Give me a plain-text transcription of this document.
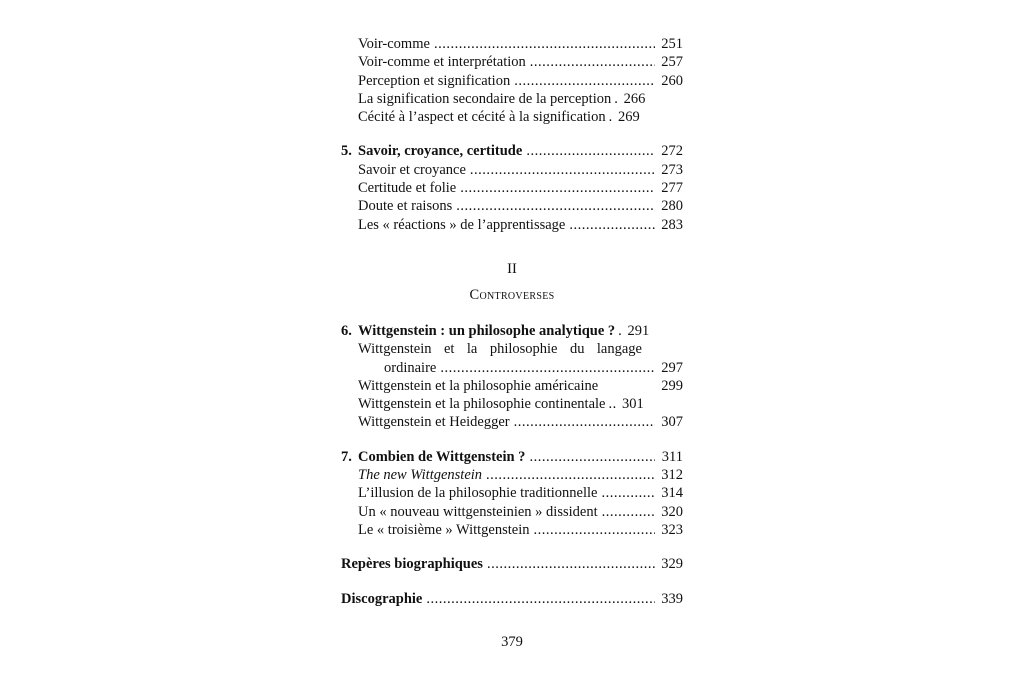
Voir-comme .....	251
Voir-comme et interprétation .....	257
Perception et signification .....	260
La signification secondaire de la perception . 266
Cécité à l’aspect et cécité à la signification . 269
5. Savoir, croyance, certitude .....	272
Savoir et croyance .....	273
Certitude et folie .....	277
Doute et raisons .....	280
Les « réactions » de l’apprentissage .....	283
II
Controverses
6. Wittgenstein : un philosophe analytique ? . 291
Wittgenstein et la philosophie du langage
ordinaire .....	297
Wittgenstein et la philosophie américaine	299
Wittgenstein et la philosophie continentale .. 301
Wittgenstein et Heidegger .....	307
7. Combien de Wittgenstein ? .....	311
The new Wittgenstein .....	312
L’illusion de la philosophie traditionnelle .....	314
Un « nouveau wittgensteinien » dissident .....	320
Le « troisième » Wittgenstein .....	323
Repères biographiques .....	329
Discographie .....	339
379
